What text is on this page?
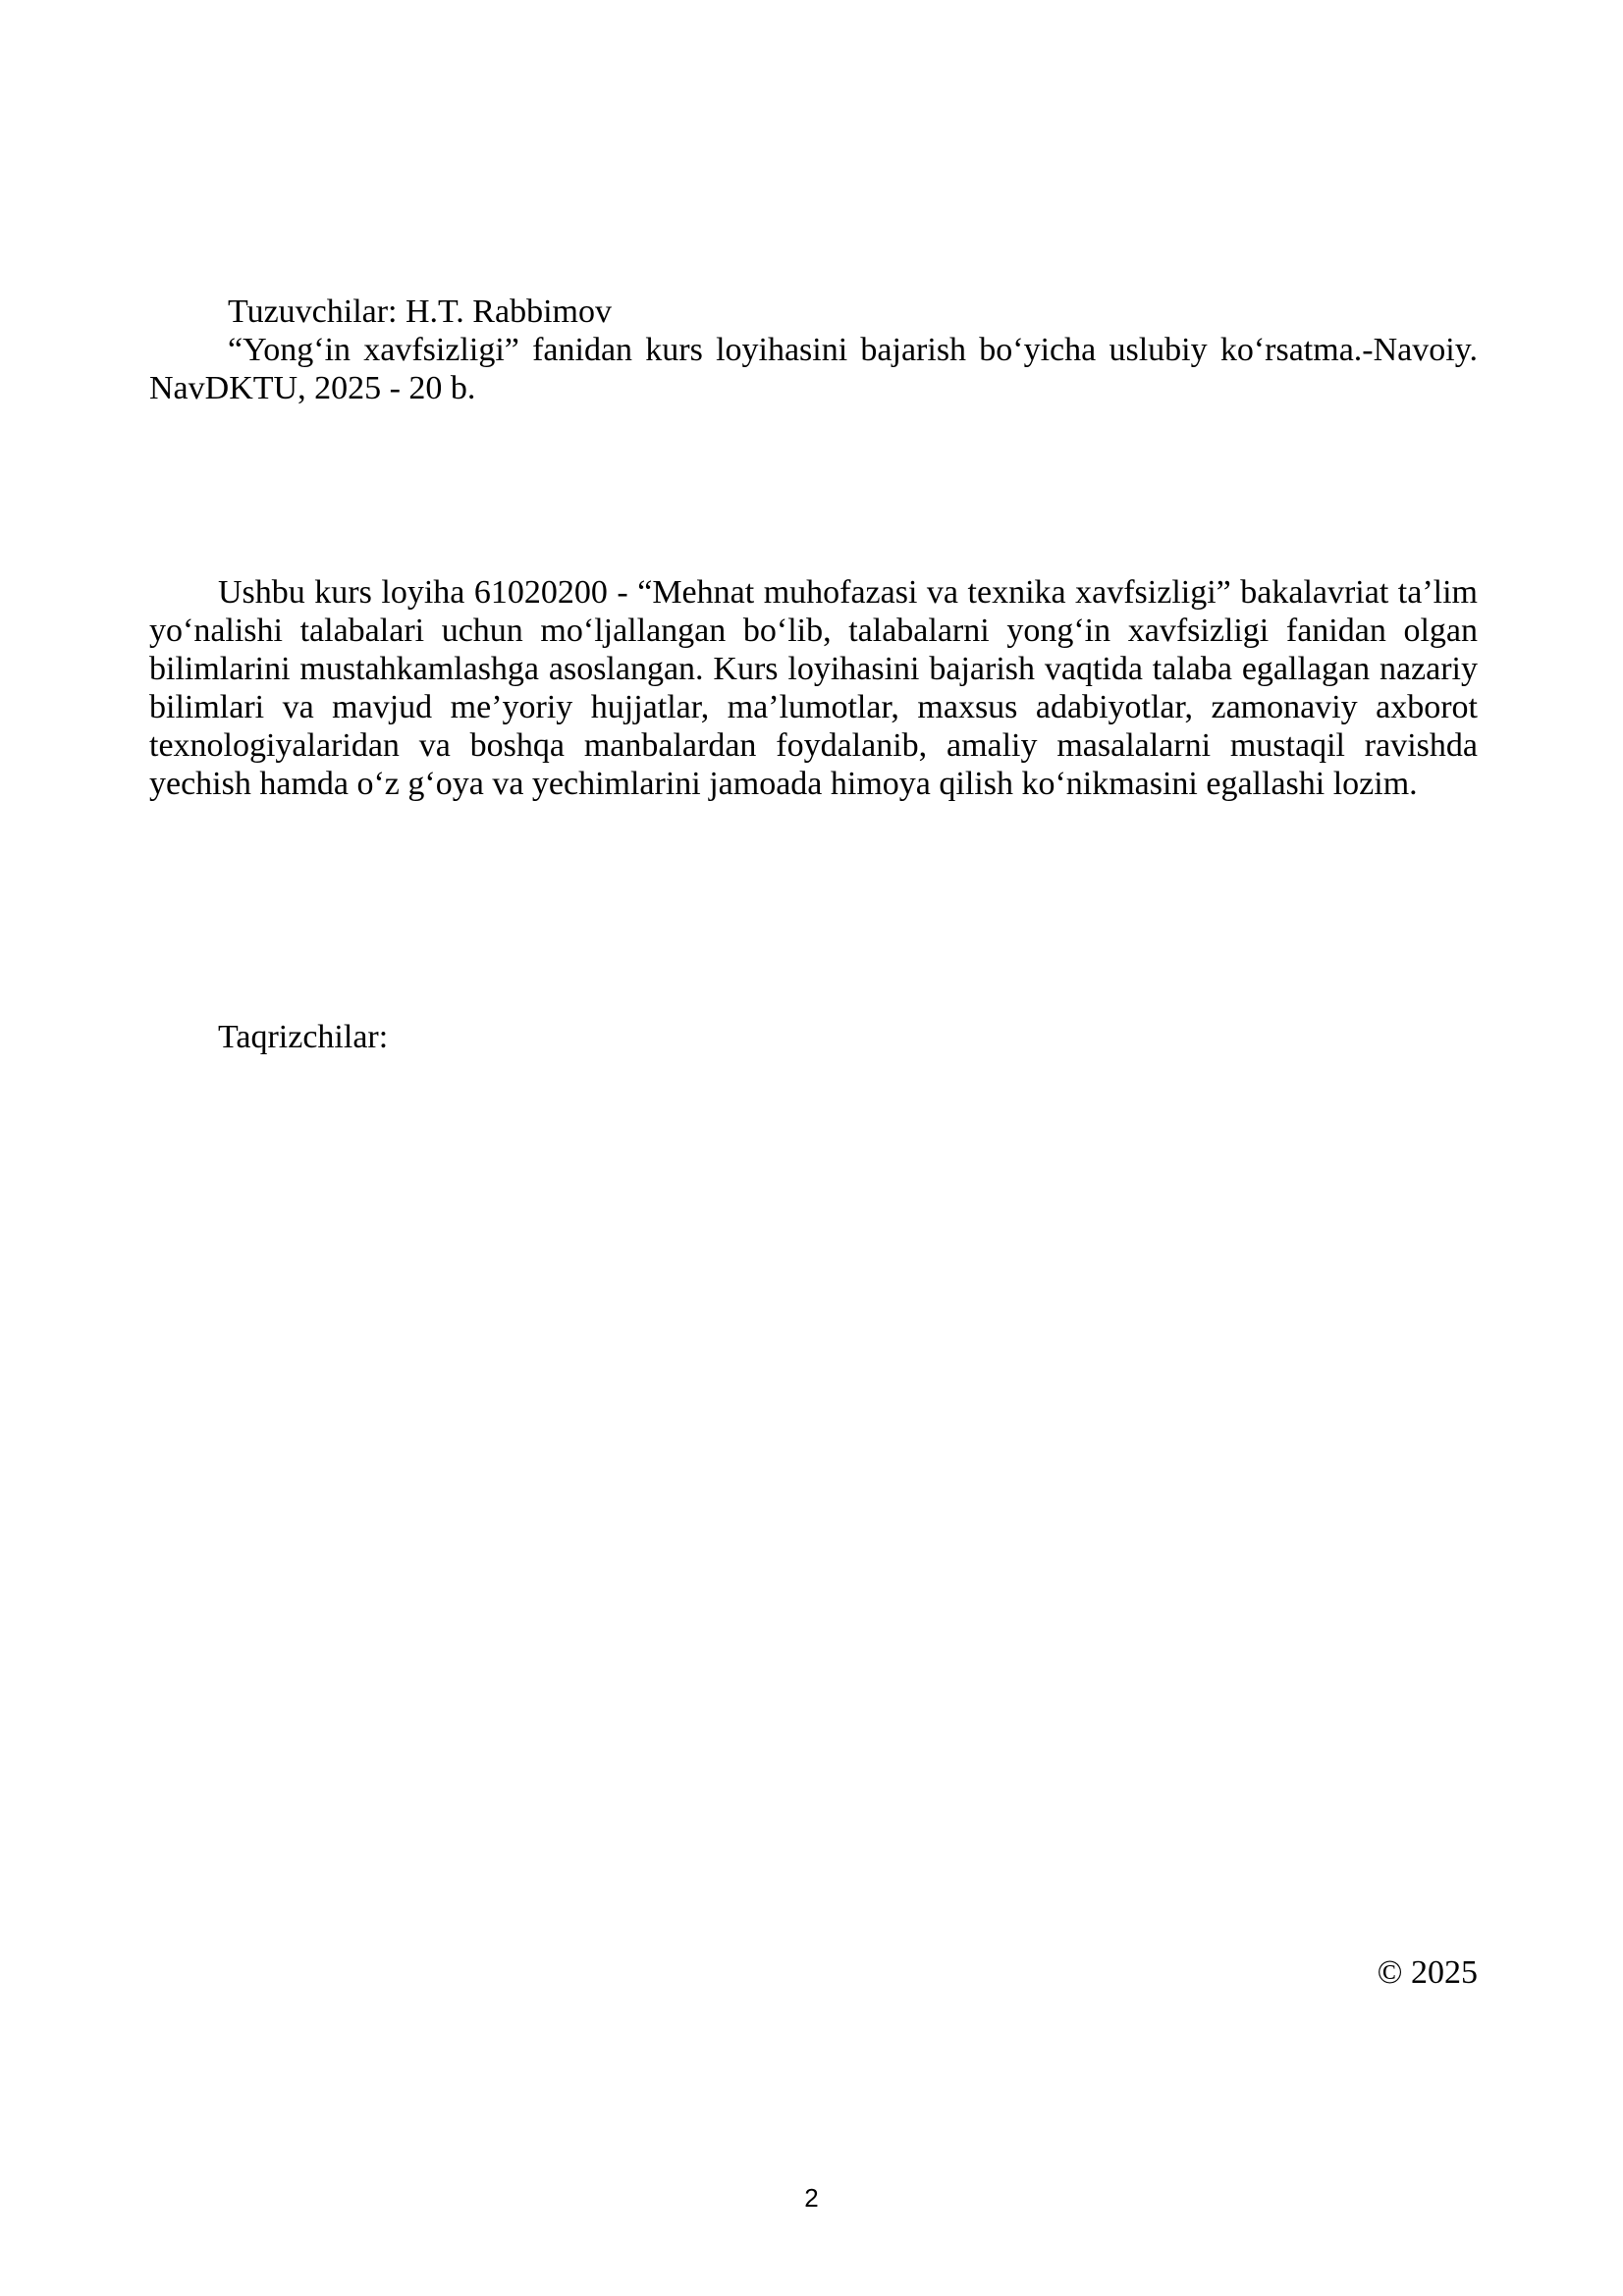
Tuzuvchilar: H.T. Rabbimov
“Yong‘in xavfsizligi” fanidan kurs loyihasini bajarish bo‘yicha uslubiy ko‘rsatma.-Navoiy. NavDKTU, 2025 - 20 b.

Ushbu kurs loyiha 61020200 - “Mehnat muhofazasi va texnika xavfsizligi” bakalavriat ta’lim yo‘nalishi talabalari uchun mo‘ljallangan bo‘lib, talabalarni yong‘in xavfsizligi fanidan olgan bilimlarini mustahkamlashga asoslangan. Kurs loyihasini bajarish vaqtida talaba egallagan nazariy bilimlari va mavjud me’yoriy hujjatlar, ma’lumotlar, maxsus adabiyotlar, zamonaviy axborot texnologiyalaridan va boshqa manbalardan foydalanib, amaliy masalalarni mustaqil ravishda yechish hamda o‘z g‘oya va yechimlarini jamoada himoya qilish ko‘nikmasini egallashi lozim.

Taqrizchilar:

© 2025
2
